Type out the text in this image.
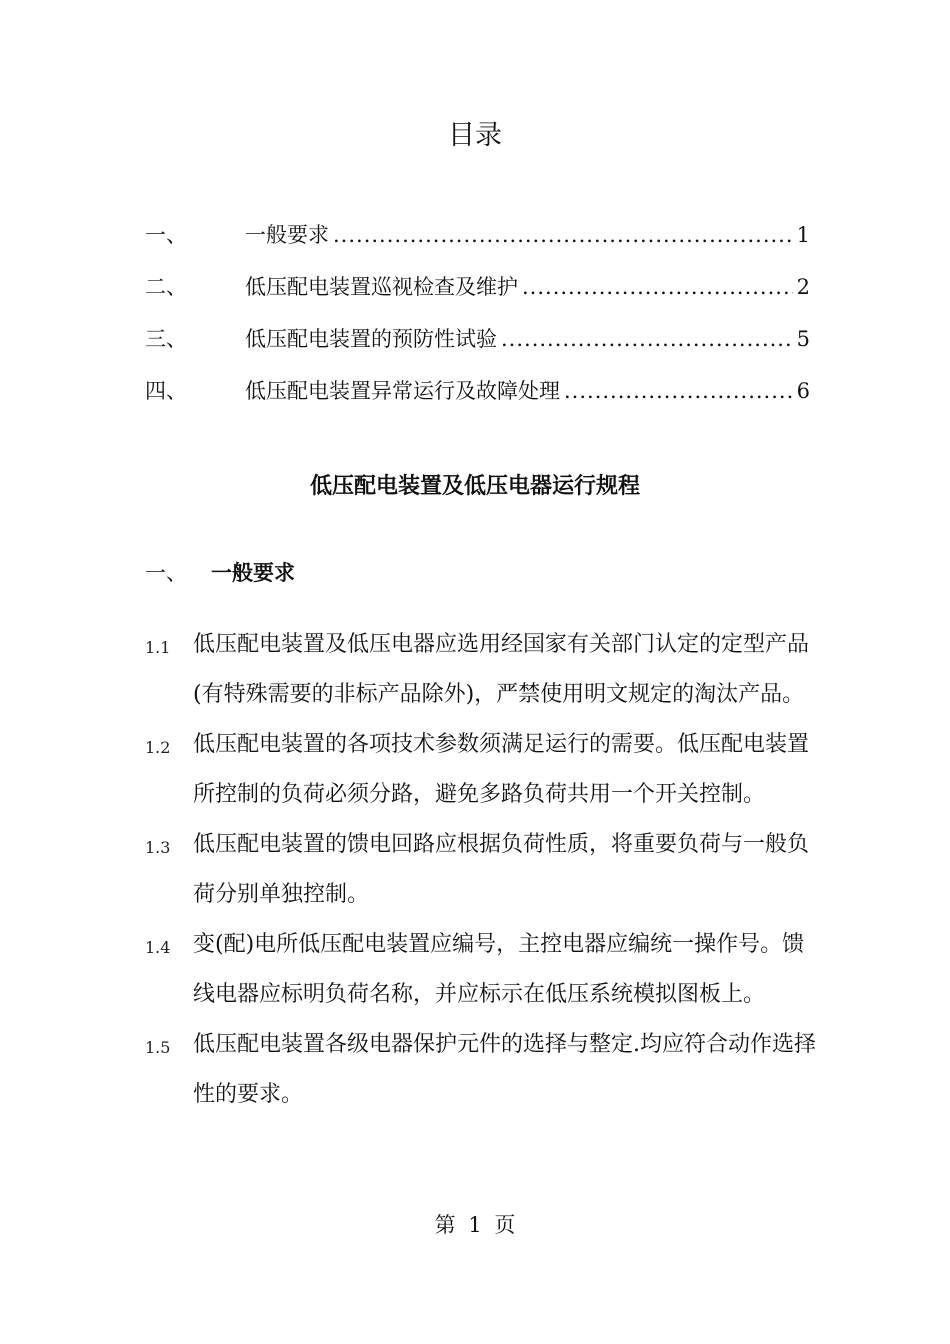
目录
一、	一般要求 .....	1
二、	低压配电装置巡视检查及维护 .....	2
三、	低压配电装置的预防性试验 .....	5
四、	低压配电装置异常运行及故障处理 .....	6
低压配电装置及低压电器运行规程
一、	一般要求
1.1	低压配电装置及低压电器应选用经国家有关部门认定的定型产品(有特殊需要的非标产品除外)，严禁使用明文规定的淘汰产品。
1.2	低压配电装置的各项技术参数须满足运行的需要。低压配电装置所控制的负荷必须分路，避免多路负荷共用一个开关控制。
1.3	低压配电装置的馈电回路应根据负荷性质，将重要负荷与一般负荷分别单独控制。
1.4	变(配)电所低压配电装置应编号，主控电器应编统一操作号。馈线电器应标明负荷名称，并应标示在低压系统模拟图板上。
1.5	低压配电装置各级电器保护元件的选择与整定.均应符合动作选择性的要求。
第 1 页
